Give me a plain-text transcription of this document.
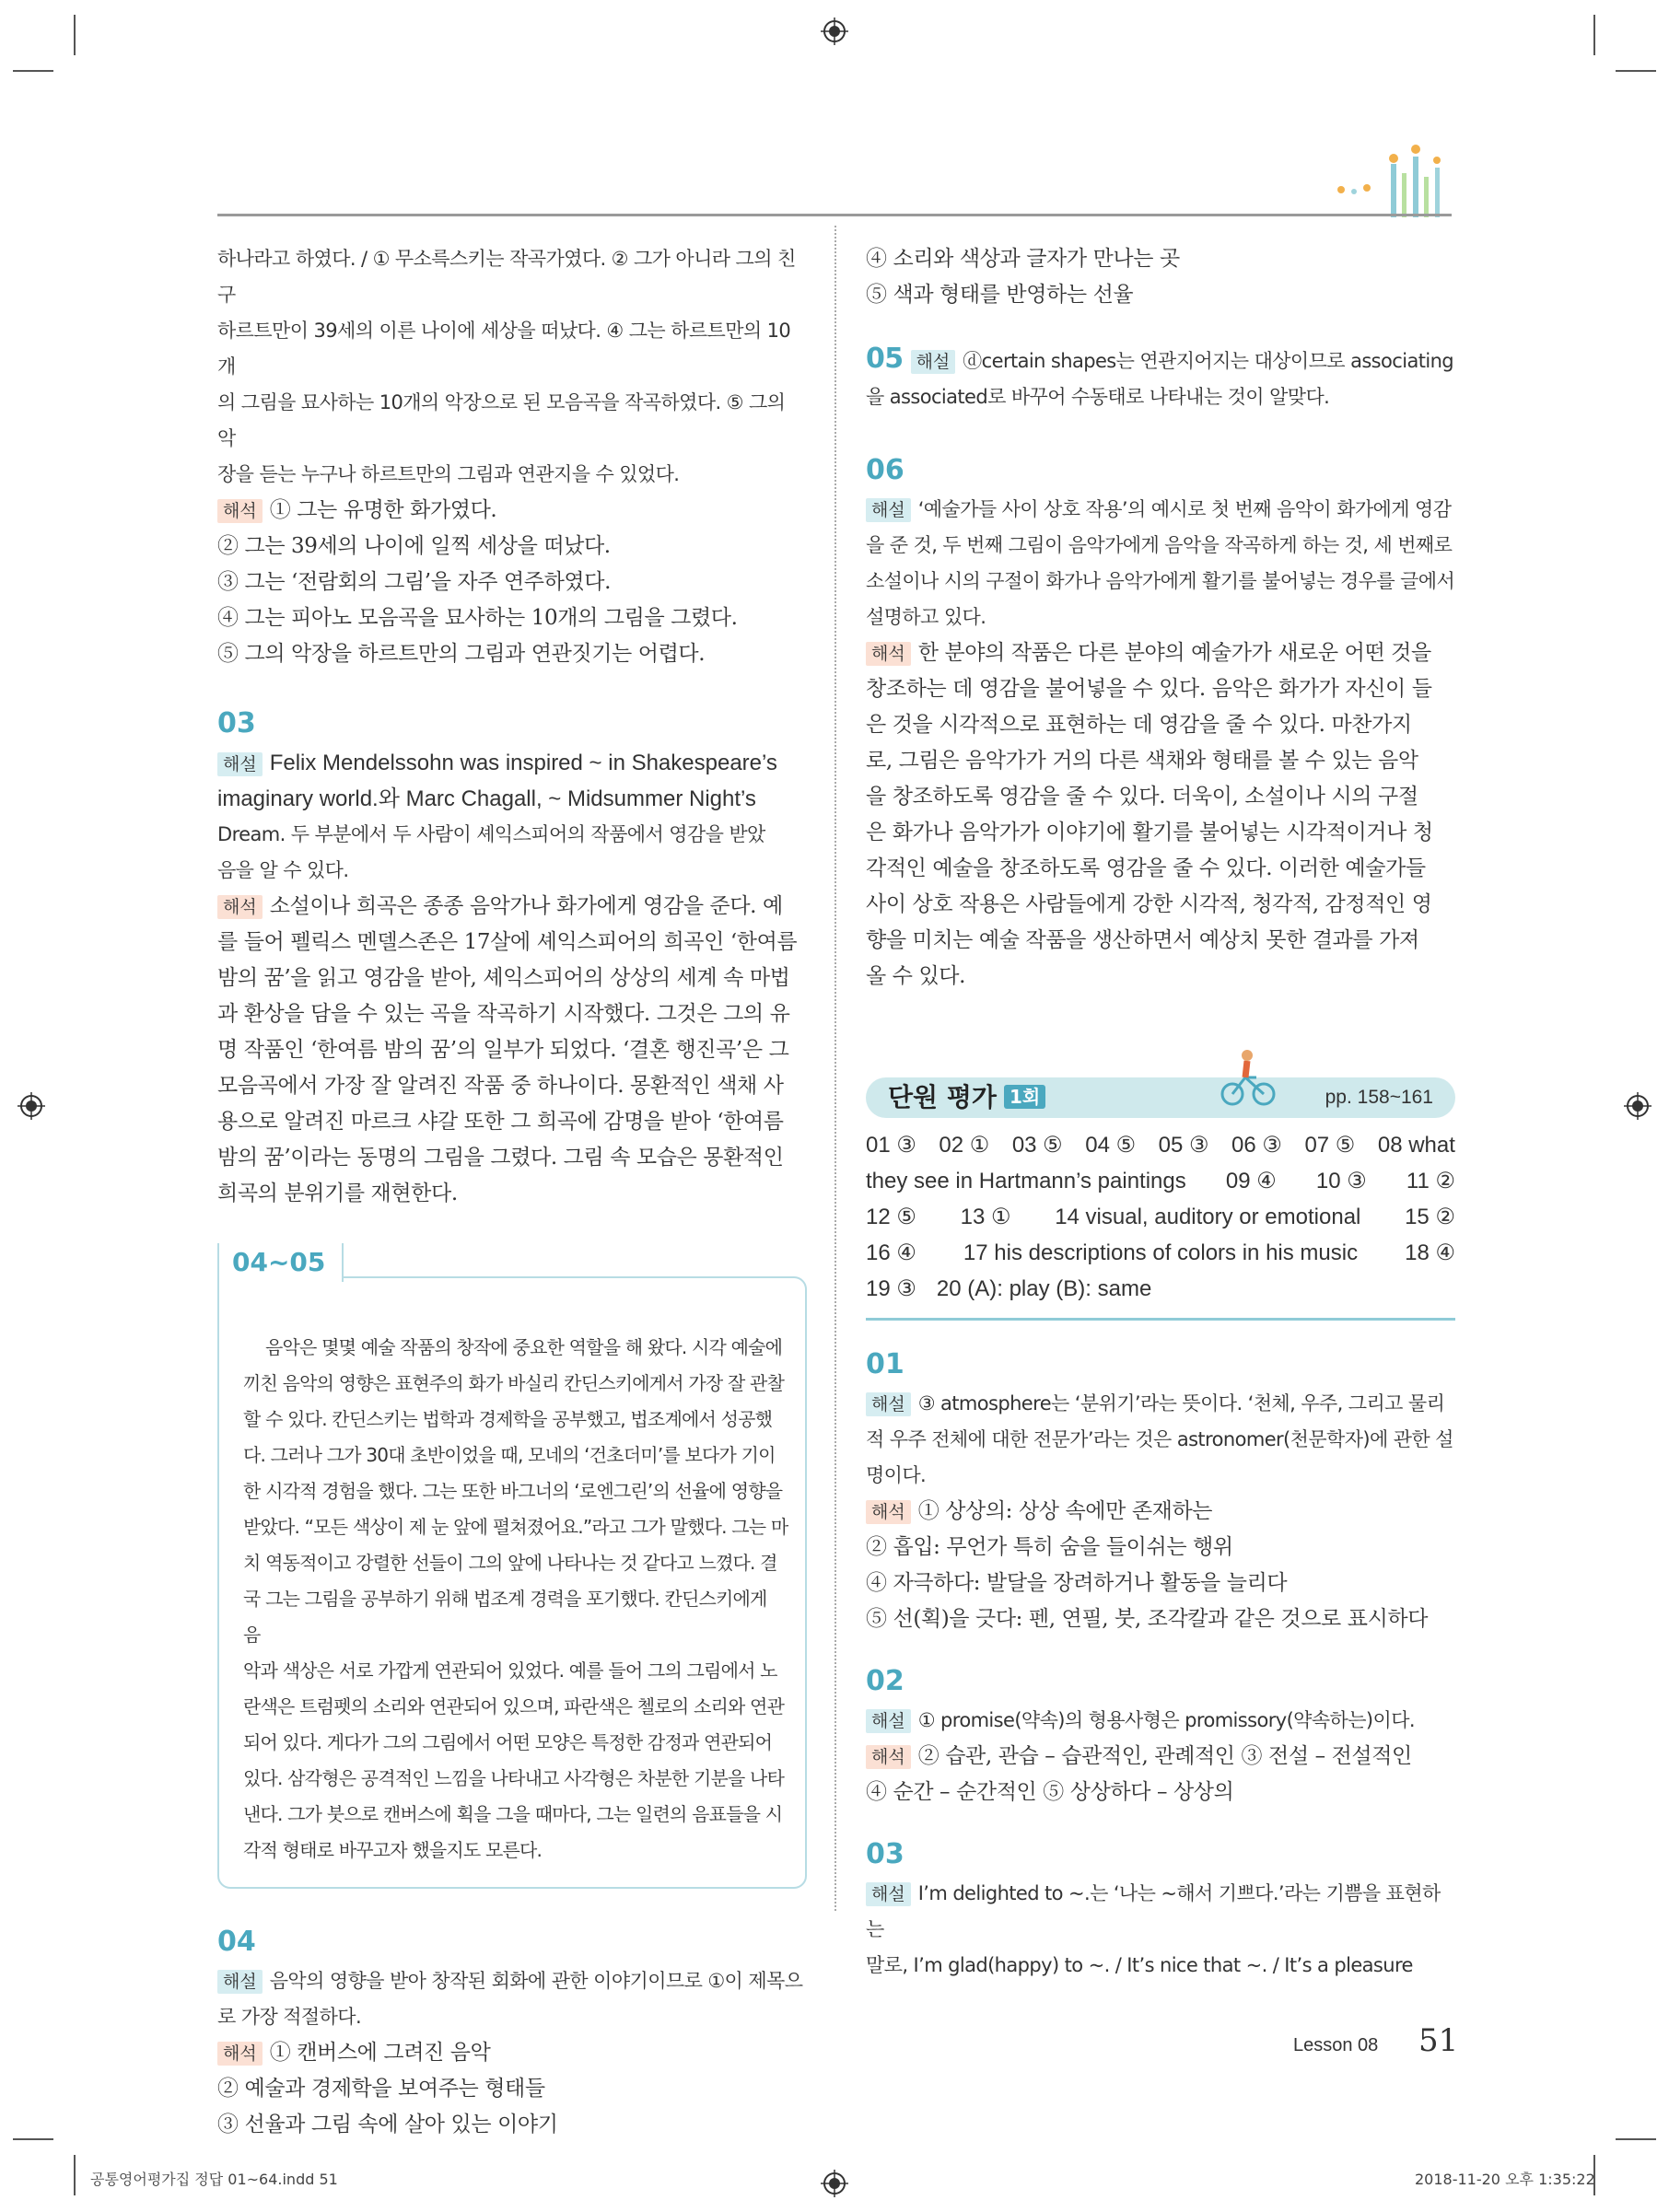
하나라고 하였다. / ① 무소륵스키는 작곡가였다. ② 그가 아니라 그의 친구

하르트만이 39세의 이른 나이에 세상을 떠났다. ④ 그는 하르트만의 10개

의 그림을 묘사하는 10개의 악장으로 된 모음곡을 작곡하였다. ⑤ 그의 악

장을 듣는 누구나 하르트만의 그림과 연관지을 수 있었다.

해석 ① 그는 유명한 화가였다.

② 그는 39세의 나이에 일찍 세상을 떠났다.

③ 그는 ‘전람회의 그림’을 자주 연주하였다.

④ 그는 피아노 모음곡을 묘사하는 10개의 그림을 그렸다.

⑤ 그의 악장을 하르트만의 그림과 연관짓기는 어렵다.

03

해설 Felix Mendelssohn was inspired ~ in Shakespeare’s

imaginary world.와 Marc Chagall, ~ Midsummer Night’s

Dream. 두 부분에서 두 사람이 셰익스피어의 작품에서 영감을 받았

음을 알 수 있다.

해석 소설이나 희곡은 종종 음악가나 화가에게 영감을 준다. 예

를 들어 펠릭스 멘델스존은 17살에 셰익스피어의 희곡인 ‘한여름

밤의 꿈’을 읽고 영감을 받아, 셰익스피어의 상상의 세계 속 마법

과 환상을 담을 수 있는 곡을 작곡하기 시작했다. 그것은 그의 유

명 작품인 ‘한여름 밤의 꿈’의 일부가 되었다. ‘결혼 행진곡’은 그

모음곡에서 가장 잘 알려진 작품 중 하나이다. 몽환적인 색채 사

용으로 알려진 마르크 샤갈 또한 그 희곡에 감명을 받아 ‘한여름

밤의 꿈’이라는 동명의 그림을 그렸다. 그림 속 모습은 몽환적인

희곡의 분위기를 재현한다.

04~05

음악은 몇몇 예술 작품의 창작에 중요한 역할을 해 왔다. 시각 예술에

끼친 음악의 영향은 표현주의 화가 바실리 칸딘스키에게서 가장 잘 관찰

할 수 있다. 칸딘스키는 법학과 경제학을 공부했고, 법조계에서 성공했

다. 그러나 그가 30대 초반이었을 때, 모네의 ‘건초더미’를 보다가 기이

한 시각적 경험을 했다. 그는 또한 바그너의 ‘로엔그린’의 선율에 영향을

받았다. “모든 색상이 제 눈 앞에 펼쳐졌어요.”라고 그가 말했다. 그는 마

치 역동적이고 강렬한 선들이 그의 앞에 나타나는 것 같다고 느꼈다. 결

국 그는 그림을 공부하기 위해 법조계 경력을 포기했다. 칸딘스키에게 음

악과 색상은 서로 가깝게 연관되어 있었다. 예를 들어 그의 그림에서 노

란색은 트럼펫의 소리와 연관되어 있으며, 파란색은 첼로의 소리와 연관

되어 있다. 게다가 그의 그림에서 어떤 모양은 특정한 감정과 연관되어

있다. 삼각형은 공격적인 느낌을 나타내고 사각형은 차분한 기분을 나타

낸다. 그가 붓으로 캔버스에 획을 그을 때마다, 그는 일련의 음표들을 시

각적 형태로 바꾸고자 했을지도 모른다.

04

해설 음악의 영향을 받아 창작된 회화에 관한 이야기이므로 ①이 제목으

로 가장 적절하다.

해석 ① 캔버스에 그려진 음악

② 예술과 경제학을 보여주는 형태들

③ 선율과 그림 속에 살아 있는 이야기

④ 소리와 색상과 글자가 만나는 곳

⑤ 색과 형태를 반영하는 선율

05 해설 ⓓcertain shapes는 연관지어지는 대상이므로 associating

을 associated로 바꾸어 수동태로 나타내는 것이 알맞다.

06

해설 ‘예술가들 사이 상호 작용’의 예시로 첫 번째 음악이 화가에게 영감

을 준 것, 두 번째 그림이 음악가에게 음악을 작곡하게 하는 것, 세 번째로

소설이나 시의 구절이 화가나 음악가에게 활기를 불어넣는 경우를 글에서

설명하고 있다.

해석 한 분야의 작품은 다른 분야의 예술가가 새로운 어떤 것을

창조하는 데 영감을 불어넣을 수 있다. 음악은 화가가 자신이 들

은 것을 시각적으로 표현하는 데 영감을 줄 수 있다. 마찬가지

로, 그림은 음악가가 거의 다른 색채와 형태를 볼 수 있는 음악

을 창조하도록 영감을 줄 수 있다. 더욱이, 소설이나 시의 구절

은 화가나 음악가가 이야기에 활기를 불어넣는 시각적이거나 청

각적인 예술을 창조하도록 영감을 줄 수 있다. 이러한 예술가들

사이 상호 작용은 사람들에게 강한 시각적, 청각적, 감정적인 영

향을 미치는 예술 작품을 생산하면서 예상치 못한 결과를 가져

올 수 있다.

단원 평가 1회	pp. 158~161
01 ③ 02 ① 03 ⑤ 04 ⑤ 05 ③ 06 ③ 07 ⑤ 08 what
they see in Hartmann’s paintings 09 ④ 10 ③ 11 ②
12 ⑤ 13 ① 14 visual, auditory or emotional 15 ②
16 ④ 17 his descriptions of colors in his music 18 ④
19 ③ 20 (A): play (B): same
01

해설 ③ atmosphere는 ‘분위기’라는 뜻이다. ‘천체, 우주, 그리고 물리

적 우주 전체에 대한 전문가’라는 것은 astronomer(천문학자)에 관한 설

명이다.

해석 ① 상상의: 상상 속에만 존재하는

② 흡입: 무언가 특히 숨을 들이쉬는 행위

④ 자극하다: 발달을 장려하거나 활동을 늘리다

⑤ 선(획)을 긋다: 펜, 연필, 붓, 조각칼과 같은 것으로 표시하다

02

해설 ① promise(약속)의 형용사형은 promissory(약속하는)이다.

해석 ② 습관, 관습 – 습관적인, 관례적인 ③ 전설 – 전설적인

④ 순간 – 순간적인 ⑤ 상상하다 – 상상의

03

해설 I’m delighted to ~.는 ‘나는 ~해서 기쁘다.’라는 기쁨을 표현하는

말로, I’m glad(happy) to ~. / It’s nice that ~. / It’s a pleasure

Lesson 08 51
공통영어평가집 정답 01~64.indd 51	2018-11-20 오후 1:35:22
